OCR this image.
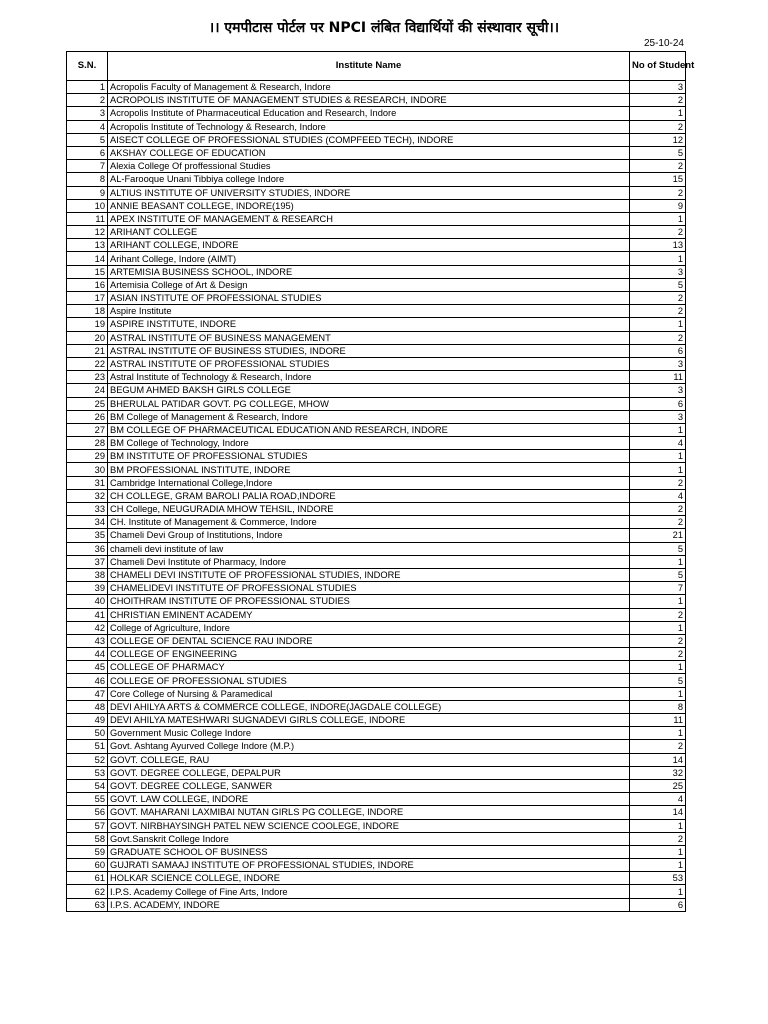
।। एमपीटास पोर्टल पर NPCI लंबित विद्यार्थियों की संस्थावार सूची।।
25-10-24
S.N.	Institute Name	No of Student
1	Acropolis Faculty of Management & Research, Indore	3
2	ACROPOLIS INSTITUTE OF MANAGEMENT STUDIES & RESEARCH, INDORE	2
3	Acropolis Institute of Pharmaceutical Education and Research, Indore	1
4	Acropolis Institute of Technology & Research, Indore	2
5	AISECT COLLEGE OF PROFESSIONAL STUDIES (COMPFEED TECH), INDORE	12
6	AKSHAY COLLEGE OF EDUCATION	5
7	Alexia College Of proffessional Studies	2
8	AL-Farooque Unani Tibbiya college Indore	15
9	ALTIUS INSTITUTE OF UNIVERSITY STUDIES, INDORE	2
10	ANNIE BEASANT COLLEGE, INDORE(195)	9
11	APEX INSTITUTE OF MANAGEMENT & RESEARCH	1
12	ARIHANT COLLEGE	2
13	ARIHANT COLLEGE, INDORE	13
14	Arihant College, Indore (AIMT)	1
15	ARTEMISIA BUSINESS SCHOOL, INDORE	3
16	Artemisia College of Art & Design	5
17	ASIAN INSTITUTE OF PROFESSIONAL STUDIES	2
18	Aspire Institute	2
19	ASPIRE INSTITUTE, INDORE	1
20	ASTRAL INSTITUTE OF BUSINESS MANAGEMENT	2
21	ASTRAL INSTITUTE OF BUSINESS STUDIES, INDORE	6
22	ASTRAL INSTITUTE OF PROFESSIONAL STUDIES	3
23	Astral Institute of Technology & Research, Indore	11
24	BEGUM AHMED BAKSH GIRLS COLLEGE	3
25	BHERULAL PATIDAR GOVT. PG COLLEGE, MHOW	6
26	BM College of Management & Research, Indore	3
27	BM COLLEGE OF PHARMACEUTICAL EDUCATION AND RESEARCH, INDORE	1
28	BM College of Technology, Indore	4
29	BM INSTITUTE OF PROFESSIONAL STUDIES	1
30	BM PROFESSIONAL INSTITUTE, INDORE	1
31	Cambridge International College,Indore	2
32	CH COLLEGE, GRAM BAROLI PALIA ROAD,INDORE	4
33	CH College, NEUGURADIA MHOW TEHSIL, INDORE	2
34	CH. Institute of Management & Commerce, Indore	2
35	Chameli Devi Group of Institutions, Indore	21
36	chameli devi institute of law	5
37	Chameli Devi Institute of Pharmacy, Indore	1
38	CHAMELI DEVI INSTITUTE OF PROFESSIONAL STUDIES, INDORE	5
39	CHAMELIDEVI INSTITUTE OF PROFESSIONAL STUDIES	7
40	CHOITHRAM INSTITUTE OF PROFESSIONAL STUDIES	1
41	CHRISTIAN EMINENT ACADEMY	2
42	College of Agriculture, Indore	1
43	COLLEGE OF DENTAL SCIENCE RAU INDORE	2
44	COLLEGE OF ENGINEERING	2
45	COLLEGE OF PHARMACY	1
46	COLLEGE OF PROFESSIONAL STUDIES	5
47	Core College of Nursing & Paramedical	1
48	DEVI AHILYA ARTS & COMMERCE COLLEGE, INDORE(JAGDALE COLLEGE)	8
49	DEVI AHILYA MATESHWARI SUGNADEVI GIRLS COLLEGE, INDORE	11
50	Government Music College Indore	1
51	Govt. Ashtang Ayurved College Indore (M.P.)	2
52	GOVT. COLLEGE, RAU	14
53	GOVT. DEGREE COLLEGE, DEPALPUR	32
54	GOVT. DEGREE COLLEGE, SANWER	25
55	GOVT. LAW COLLEGE, INDORE	4
56	GOVT. MAHARANI LAXMIBAI NUTAN GIRLS PG COLLEGE, INDORE	14
57	GOVT. NIRBHAYSINGH PATEL NEW SCIENCE COOLEGE, INDORE	1
58	Govt.Sanskrit College Indore	2
59	GRADUATE SCHOOL OF BUSINESS	1
60	GUJRATI SAMAAJ INSTITUTE OF PROFESSIONAL STUDIES, INDORE	1
61	HOLKAR SCIENCE COLLEGE, INDORE	53
62	I.P.S. Academy College of Fine Arts, Indore	1
63	I.P.S. ACADEMY, INDORE	6
